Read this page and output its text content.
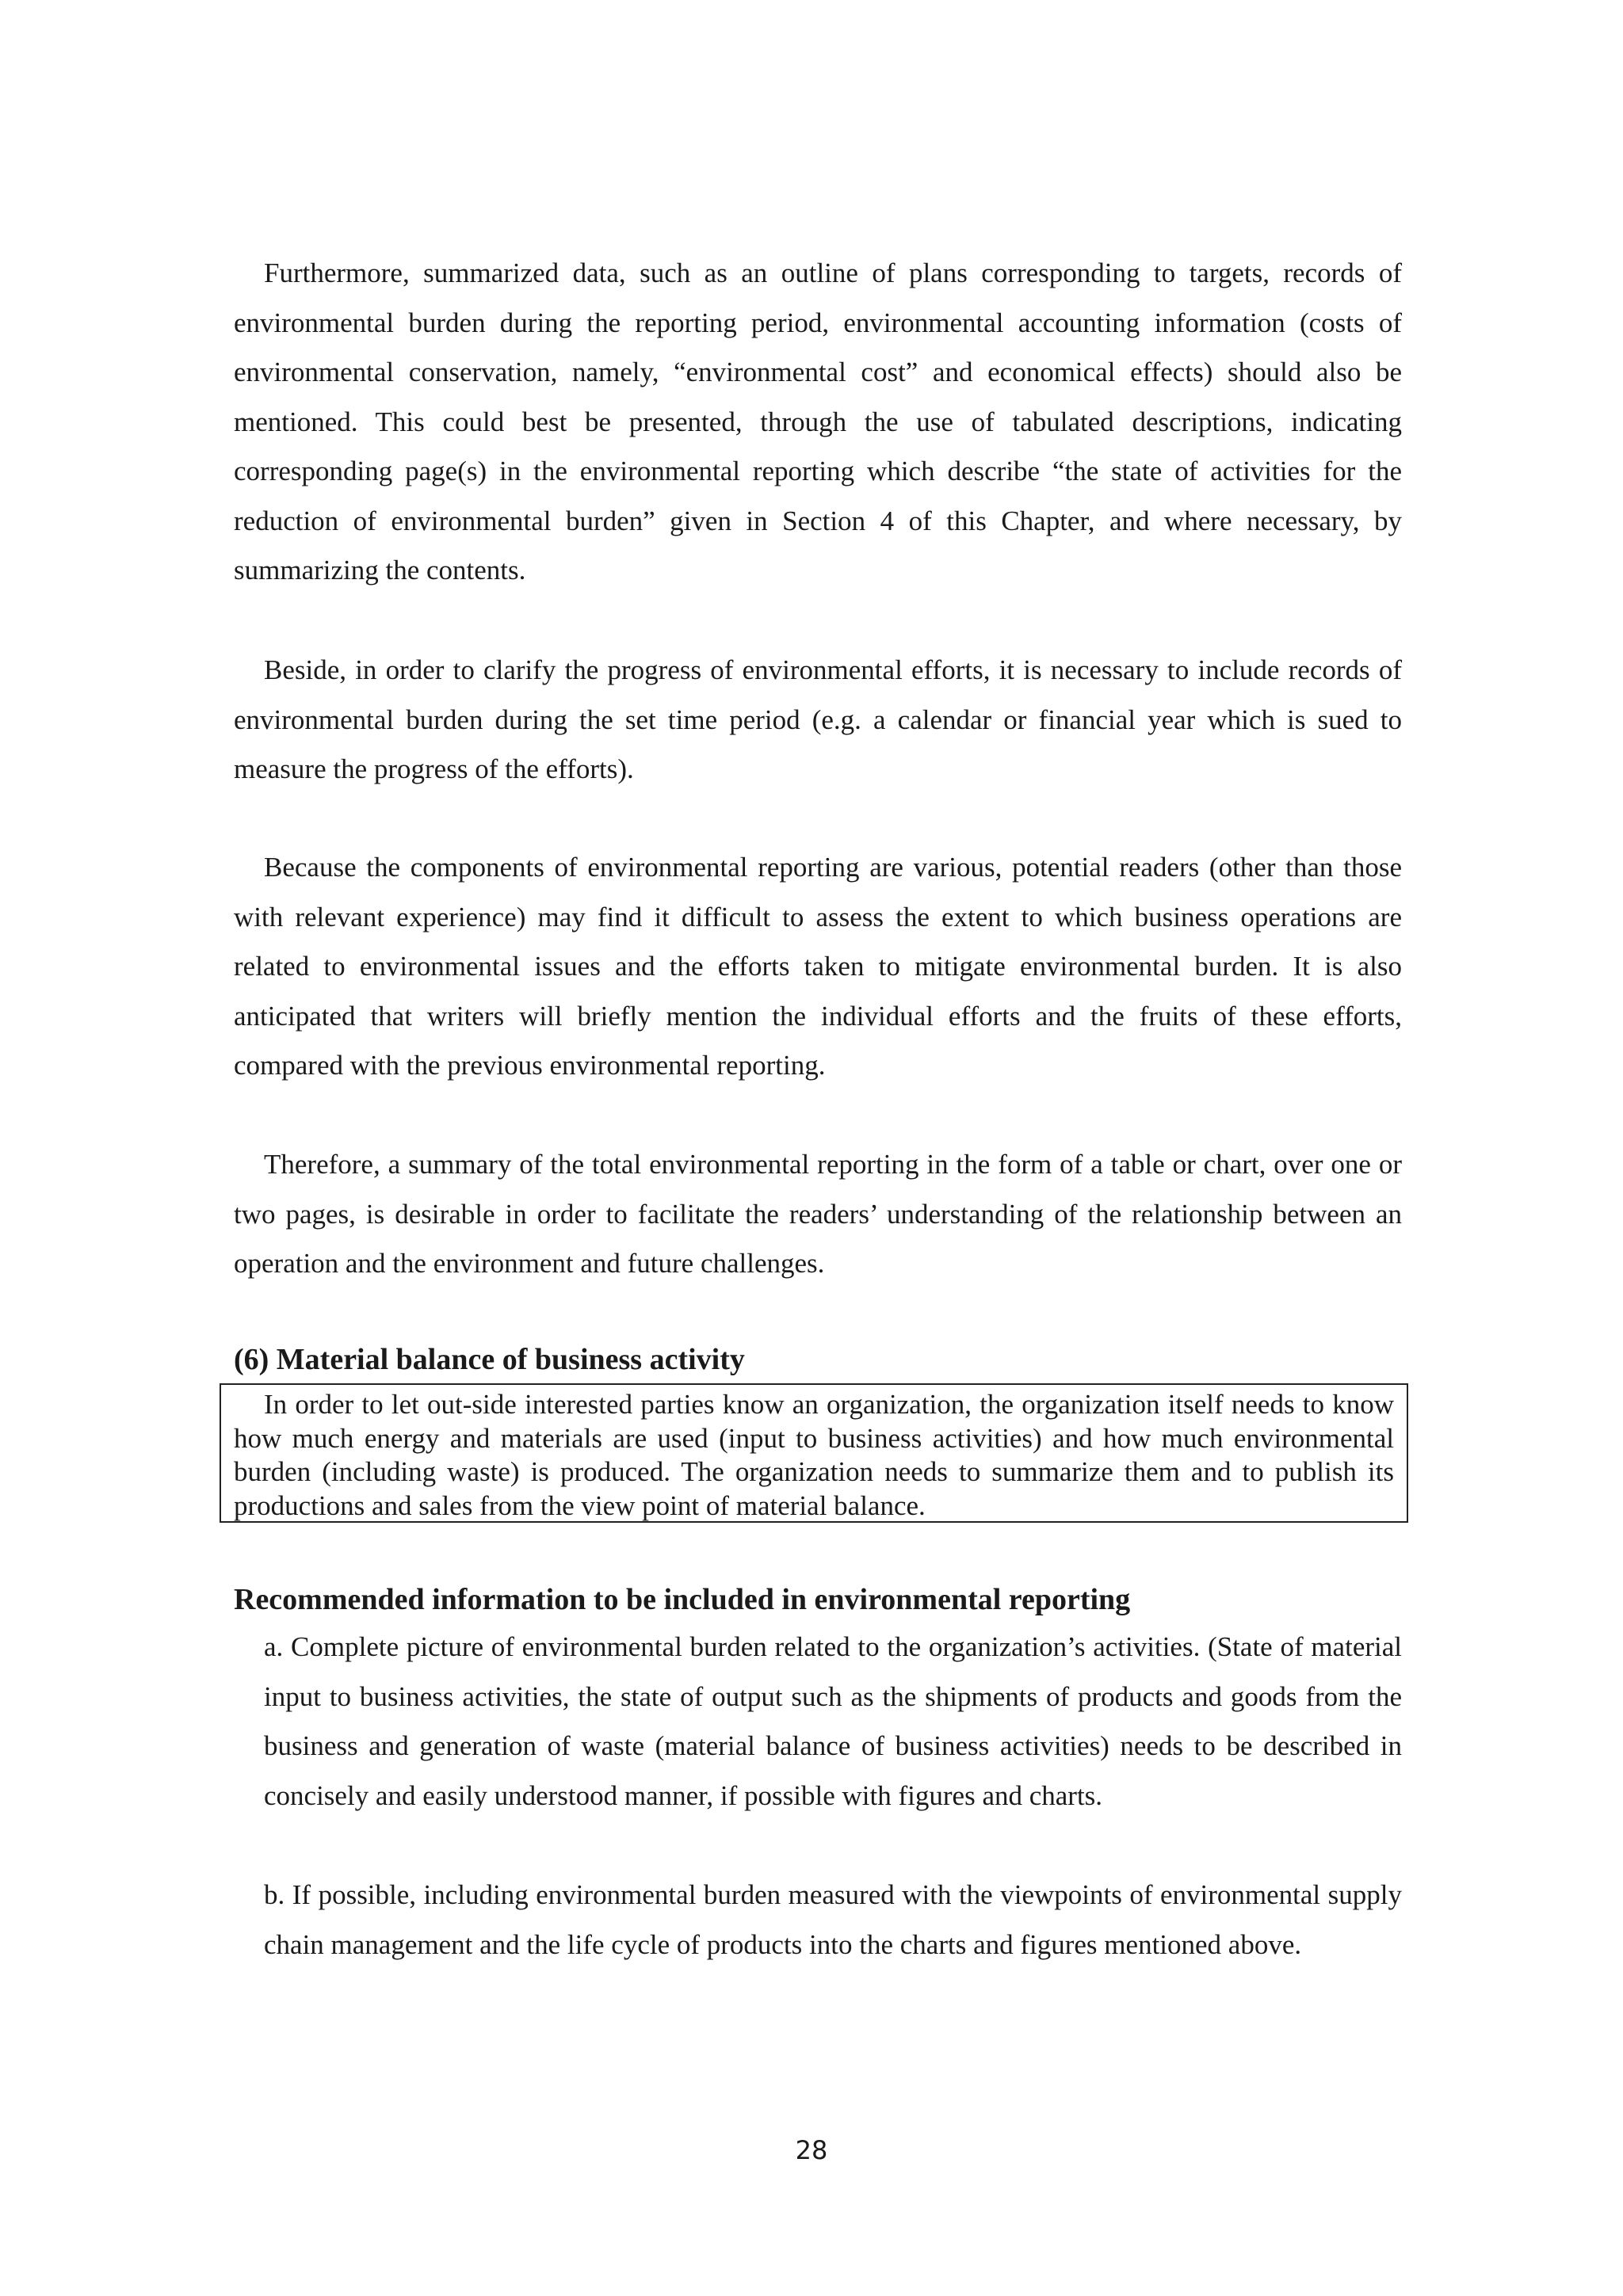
Furthermore, summarized data, such as an outline of plans corresponding to targets, records of environmental burden during the reporting period, environmental accounting information (costs of environmental conservation, namely, “environmental cost” and economical effects) should also be mentioned. This could best be presented, through the use of tabulated descriptions, indicating corresponding page(s) in the environmental reporting which describe “the state of activities for the reduction of environmental burden” given in Section 4 of this Chapter, and where necessary, by summarizing the contents.

Beside, in order to clarify the progress of environmental efforts, it is necessary to include records of environmental burden during the set time period (e.g. a calendar or financial year which is sued to measure the progress of the efforts).

Because the components of environmental reporting are various, potential readers (other than those with relevant experience) may find it difficult to assess the extent to which business operations are related to environmental issues and the efforts taken to mitigate environmental burden. It is also anticipated that writers will briefly mention the individual efforts and the fruits of these efforts, compared with the previous environmental reporting.

Therefore, a summary of the total environmental reporting in the form of a table or chart, over one or two pages, is desirable in order to facilitate the readers’ understanding of the relationship between an operation and the environment and future challenges.

(6) Material balance of business activity

In order to let out-side interested parties know an organization, the organization itself needs to know how much energy and materials are used (input to business activities) and how much environmental burden (including waste) is produced. The organization needs to summarize them and to publish its productions and sales from the view point of material balance.

Recommended information to be included in environmental reporting

a. Complete picture of environmental burden related to the organization’s activities. (State of material input to business activities, the state of output such as the shipments of products and goods from the business and generation of waste (material balance of business activities) needs to be described in concisely and easily understood manner, if possible with figures and charts.

b. If possible, including environmental burden measured with the viewpoints of environmental supply chain management and the life cycle of products into the charts and figures mentioned above.

28
